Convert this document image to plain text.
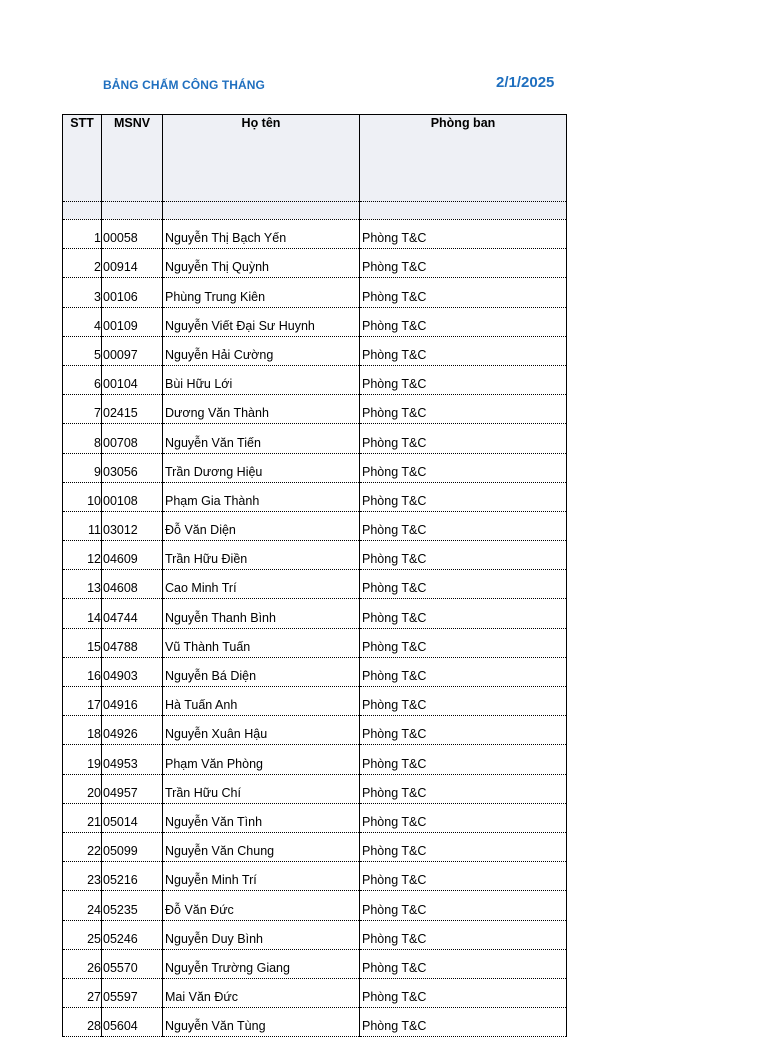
BẢNG CHẤM CÔNG THÁNG	2/1/2025
STT	MSNV	Họ tên	Phòng ban

1	00058	Nguyễn Thị Bạch Yến	Phòng T&C
2	00914	Nguyễn Thị Quỳnh	Phòng T&C
3	00106	Phùng Trung Kiên	Phòng T&C
4	00109	Nguyễn Viết Đại Sư Huynh	Phòng T&C
5	00097	Nguyễn Hải Cường	Phòng T&C
6	00104	Bùi Hữu Lới	Phòng T&C
7	02415	Dương Văn Thành	Phòng T&C
8	00708	Nguyễn Văn Tiến	Phòng T&C
9	03056	Trần Dương Hiệu	Phòng T&C
10	00108	Phạm Gia Thành	Phòng T&C
11	03012	Đỗ Văn Diện	Phòng T&C
12	04609	Trần Hữu Điền	Phòng T&C
13	04608	Cao Minh Trí	Phòng T&C
14	04744	Nguyễn Thanh Bình	Phòng T&C
15	04788	Vũ Thành Tuấn	Phòng T&C
16	04903	Nguyễn Bá Diện	Phòng T&C
17	04916	Hà Tuấn Anh	Phòng T&C
18	04926	Nguyễn Xuân Hậu	Phòng T&C
19	04953	Phạm Văn Phòng	Phòng T&C
20	04957	Trần Hữu Chí	Phòng T&C
21	05014	Nguyễn Văn Tình	Phòng T&C
22	05099	Nguyễn Văn Chung	Phòng T&C
23	05216	Nguyễn Minh Trí	Phòng T&C
24	05235	Đỗ Văn Đức	Phòng T&C
25	05246	Nguyễn Duy Bình	Phòng T&C
26	05570	Nguyễn Trường Giang	Phòng T&C
27	05597	Mai Văn Đức	Phòng T&C
28	05604	Nguyễn Văn Tùng	Phòng T&C
